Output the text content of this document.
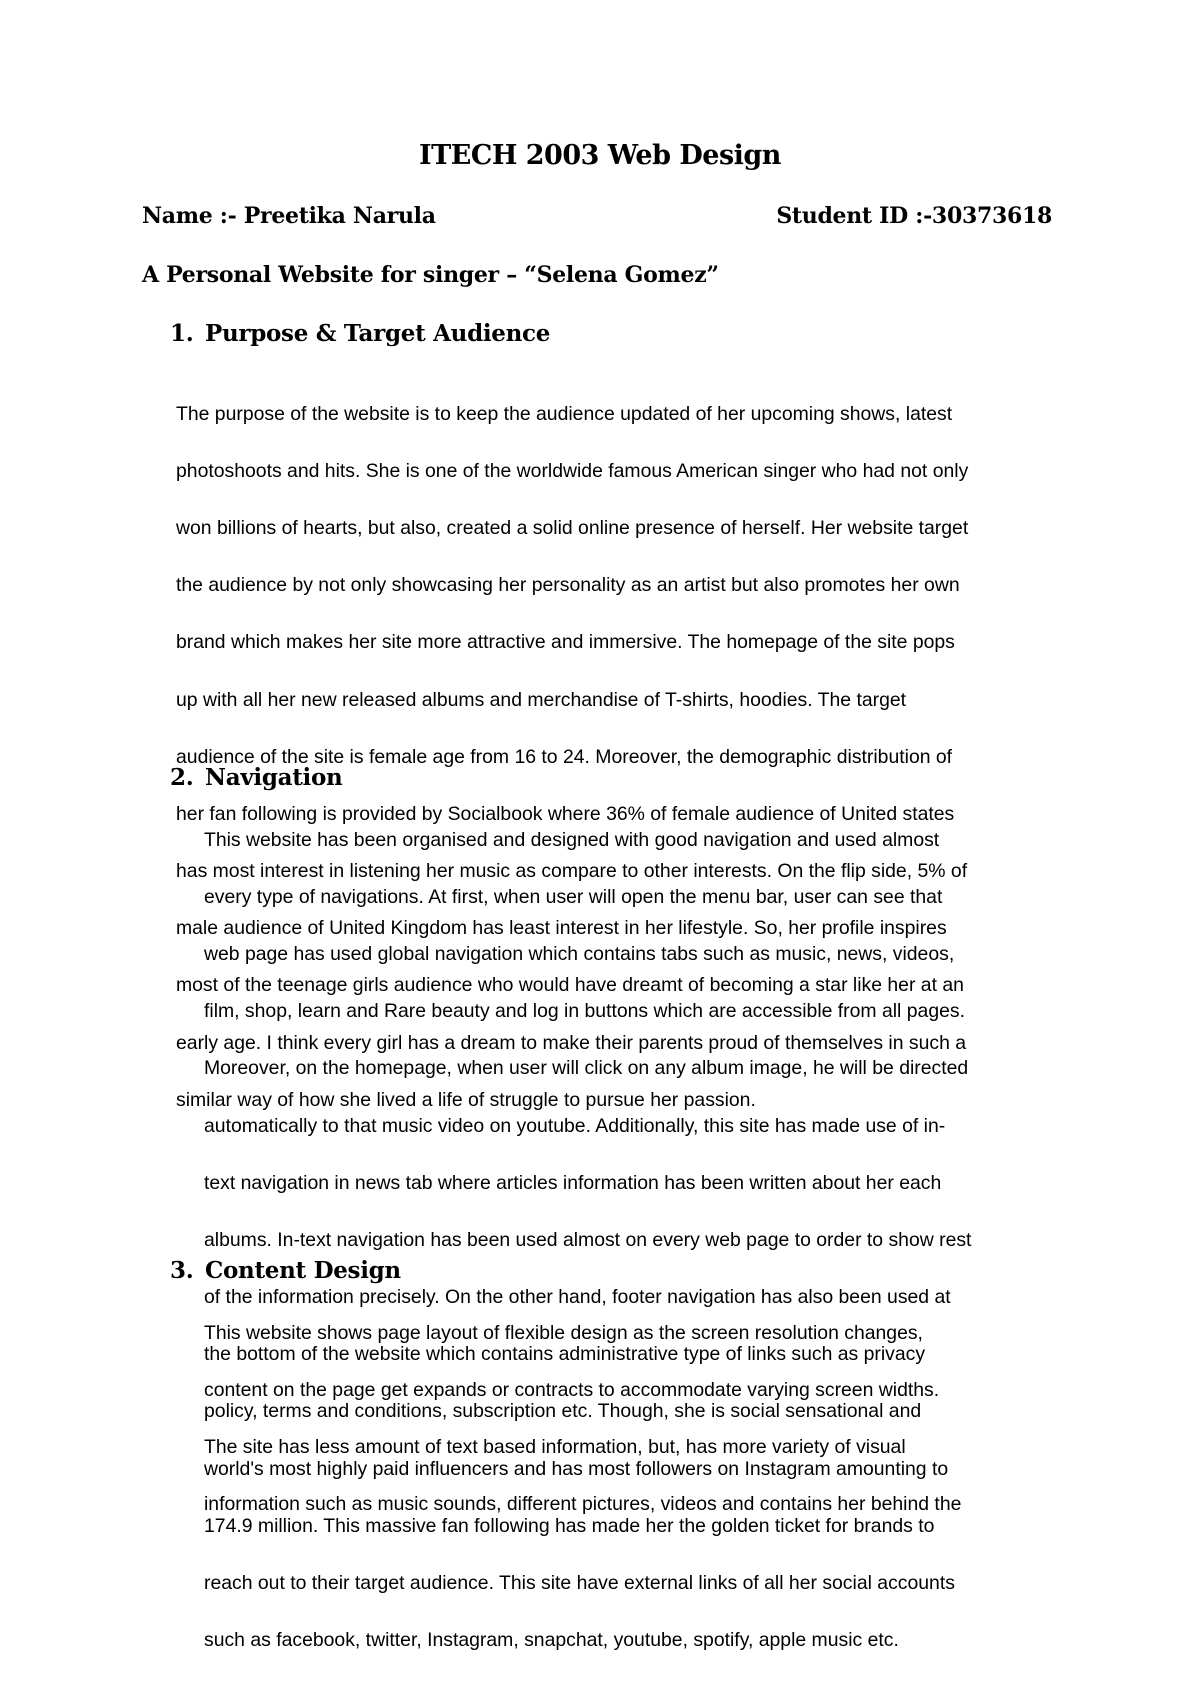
ITECH 2003 Web Design
Name :- Preetika Narula	Student ID :-30373618
A Personal Website for singer – “Selena Gomez”
1. Purpose & Target Audience

The purpose of the website is to keep the audience updated of her upcoming shows, latest

photoshoots and hits. She is one of the worldwide famous American singer who had not only

won billions of hearts, but also, created a solid online presence of herself. Her website target

the audience by not only showcasing her personality as an artist but also promotes her own

brand which makes her site more attractive and immersive. The homepage of the site pops

up with all her new released albums and merchandise of T-shirts, hoodies. The target

audience of the site is female age from 16 to 24. Moreover, the demographic distribution of

her fan following is provided by Socialbook where 36% of female audience of United states

has most interest in listening her music as compare to other interests. On the flip side, 5% of

male audience of United Kingdom has least interest in her lifestyle. So, her profile inspires

most of the teenage girls audience who would have dreamt of becoming a star like her at an

early age. I think every girl has a dream to make their parents proud of themselves in such a

similar way of how she lived a life of struggle to pursue her passion.

2. Navigation

This website has been organised and designed with good navigation and used almost

every type of navigations. At first, when user will open the menu bar, user can see that

web page has used global navigation which contains tabs such as music, news, videos,

film, shop, learn and Rare beauty and log in buttons which are accessible from all pages.

Moreover, on the homepage, when user will click on any album image, he will be directed

automatically to that music video on youtube. Additionally, this site has made use of in-

text navigation in news tab where articles information has been written about her each

albums. In-text navigation has been used almost on every web page to order to show rest

of the information precisely. On the other hand, footer navigation has also been used at

the bottom of the website which contains administrative type of links such as privacy

policy, terms and conditions, subscription etc. Though, she is social sensational and

world's most highly paid influencers and has most followers on Instagram amounting to

174.9 million. This massive fan following has made her the golden ticket for brands to

reach out to their target audience. This site have external links of all her social accounts

such as facebook, twitter, Instagram, snapchat, youtube, spotify, apple music etc.

3. Content Design

This website shows page layout of flexible design as the screen resolution changes,

content on the page get expands or contracts to accommodate varying screen widths.

The site has less amount of text based information, but, has more variety of visual

information such as music sounds, different pictures, videos and contains her behind the
